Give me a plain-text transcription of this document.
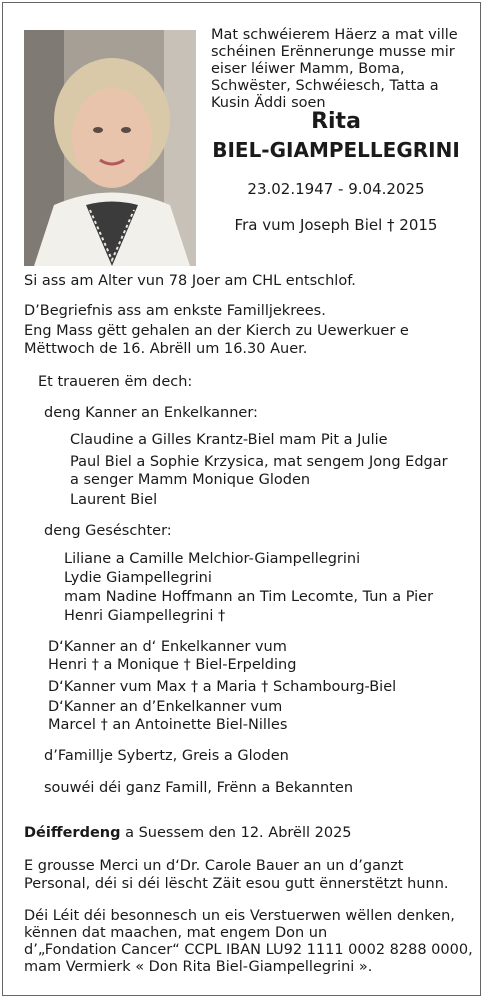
Mat schwéierem Häerz a mat ville schéinen Erënnerunge musse mir eiser léiwer Mamm, Boma, Schwëster, Schwéiesch, Tatta a Kusin Äddi soen
Rita
BIEL-GIAMPELLEGRINI
23.02.1947 - 9.04.2025
Fra vum Joseph Biel † 2015
Si ass am Alter vun 78 Joer am CHL entschlof.
D’Begriefnis ass am enkste Familljekrees.
Eng Mass gëtt gehalen an der Kierch zu Uewerkuer e
Mëttwoch de 16. Abrëll um 16.30 Auer.
Et traueren ëm dech:
deng Kanner an Enkelkanner:
Claudine a Gilles Krantz-Biel mam Pit a Julie
Paul Biel a Sophie Krzysica, mat sengem Jong Edgar
a senger Mamm Monique Gloden
Laurent Biel
deng Geséschter:
Liliane a Camille Melchior-Giampellegrini
Lydie Giampellegrini
mam Nadine Hoffmann an Tim Lecomte, Tun a Pier
Henri Giampellegrini †
D‘Kanner an d‘ Enkelkanner vum
Henri † a Monique † Biel-Erpelding
D‘Kanner vum Max † a Maria † Schambourg-Biel
D‘Kanner an d’Enkelkanner vum
Marcel † an Antoinette Biel-Nilles
d’Famillje Sybertz, Greis a Gloden
souwéi déi ganz Famill, Frënn a Bekannten
Déifferdeng a Suessem den 12. Abrëll 2025
E grousse Merci un d‘Dr. Carole Bauer an un d’ganzt
Personal, déi si déi lëscht Zäit esou gutt ënnerstëtzt hunn.
Déi Léit déi besonnesch un eis Verstuerwen wëllen denken,
kënnen dat maachen, mat engem Don un
d’„Fondation Cancer“ CCPL IBAN LU92 1111 0002 8288 0000,
mam Vermierk « Don Rita Biel-Giampellegrini ».
